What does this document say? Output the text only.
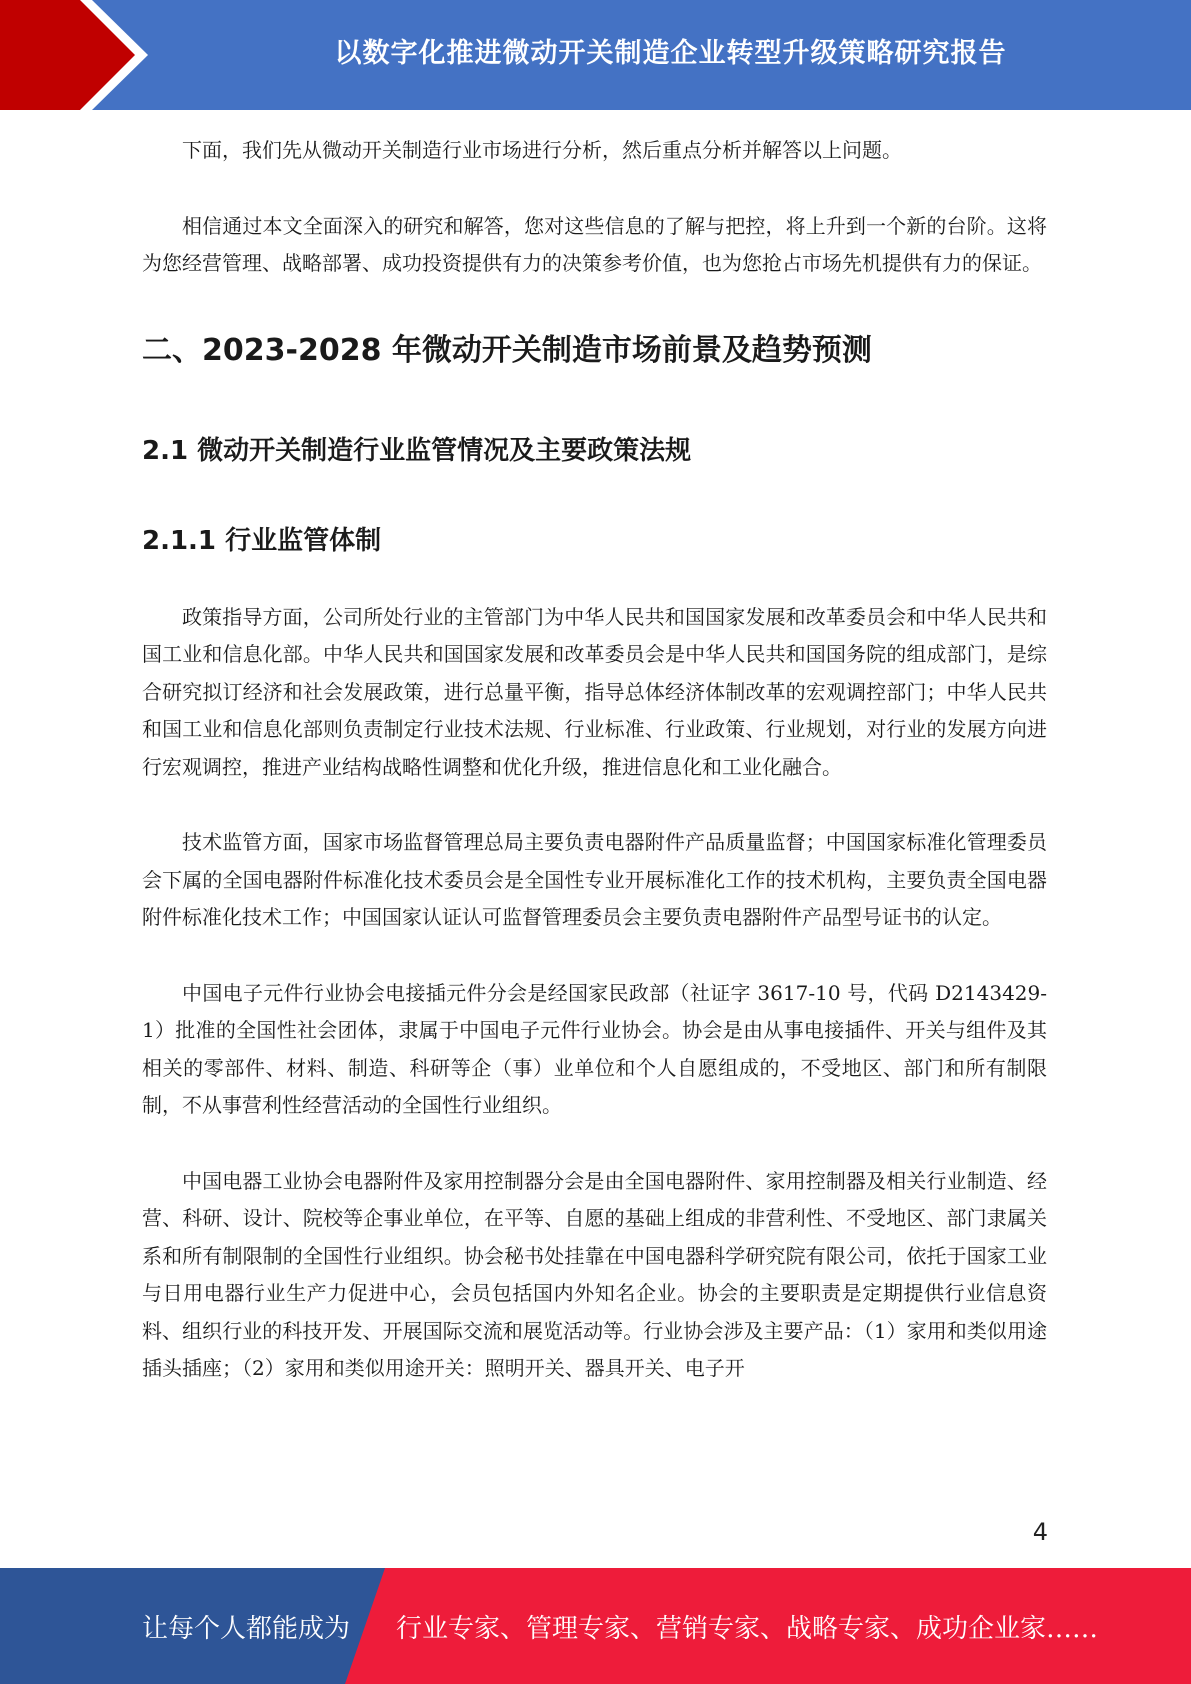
以数字化推进微动开关制造企业转型升级策略研究报告

下面，我们先从微动开关制造行业市场进行分析，然后重点分析并解答以上问题。

相信通过本文全面深入的研究和解答，您对这些信息的了解与把控，将上升到一个新的台阶。这将为您经营管理、战略部署、成功投资提供有力的决策参考价值，也为您抢占市场先机提供有力的保证。

二、2023-2028 年微动开关制造市场前景及趋势预测
2.1 微动开关制造行业监管情况及主要政策法规
2.1.1 行业监管体制

政策指导方面，公司所处行业的主管部门为中华人民共和国国家发展和改革委员会和中华人民共和国工业和信息化部。中华人民共和国国家发展和改革委员会是中华人民共和国国务院的组成部门，是综合研究拟订经济和社会发展政策，进行总量平衡，指导总体经济体制改革的宏观调控部门；中华人民共和国工业和信息化部则负责制定行业技术法规、行业标准、行业政策、行业规划，对行业的发展方向进行宏观调控，推进产业结构战略性调整和优化升级，推进信息化和工业化融合。

技术监管方面，国家市场监督管理总局主要负责电器附件产品质量监督；中国国家标准化管理委员会下属的全国电器附件标准化技术委员会是全国性专业开展标准化工作的技术机构，主要负责全国电器附件标准化技术工作；中国国家认证认可监督管理委员会主要负责电器附件产品型号证书的认定。

中国电子元件行业协会电接插元件分会是经国家民政部（社证字 3617-10 号，代码 D2143429-1）批准的全国性社会团体，隶属于中国电子元件行业协会。协会是由从事电接插件、开关与组件及其相关的零部件、材料、制造、科研等企（事）业单位和个人自愿组成的，不受地区、部门和所有制限制，不从事营利性经营活动的全国性行业组织。

中国电器工业协会电器附件及家用控制器分会是由全国电器附件、家用控制器及相关行业制造、经营、科研、设计、院校等企事业单位，在平等、自愿的基础上组成的非营利性、不受地区、部门隶属关系和所有制限制的全国性行业组织。协会秘书处挂靠在中国电器科学研究院有限公司，依托于国家工业与日用电器行业生产力促进中心，会员包括国内外知名企业。协会的主要职责是定期提供行业信息资料、组织行业的科技开发、开展国际交流和展览活动等。行业协会涉及主要产品：（1）家用和类似用途插头插座；（2）家用和类似用途开关：照明开关、器具开关、电子开

4
让每个人都能成为 行业专家、管理专家、营销专家、战略专家、成功企业家……
